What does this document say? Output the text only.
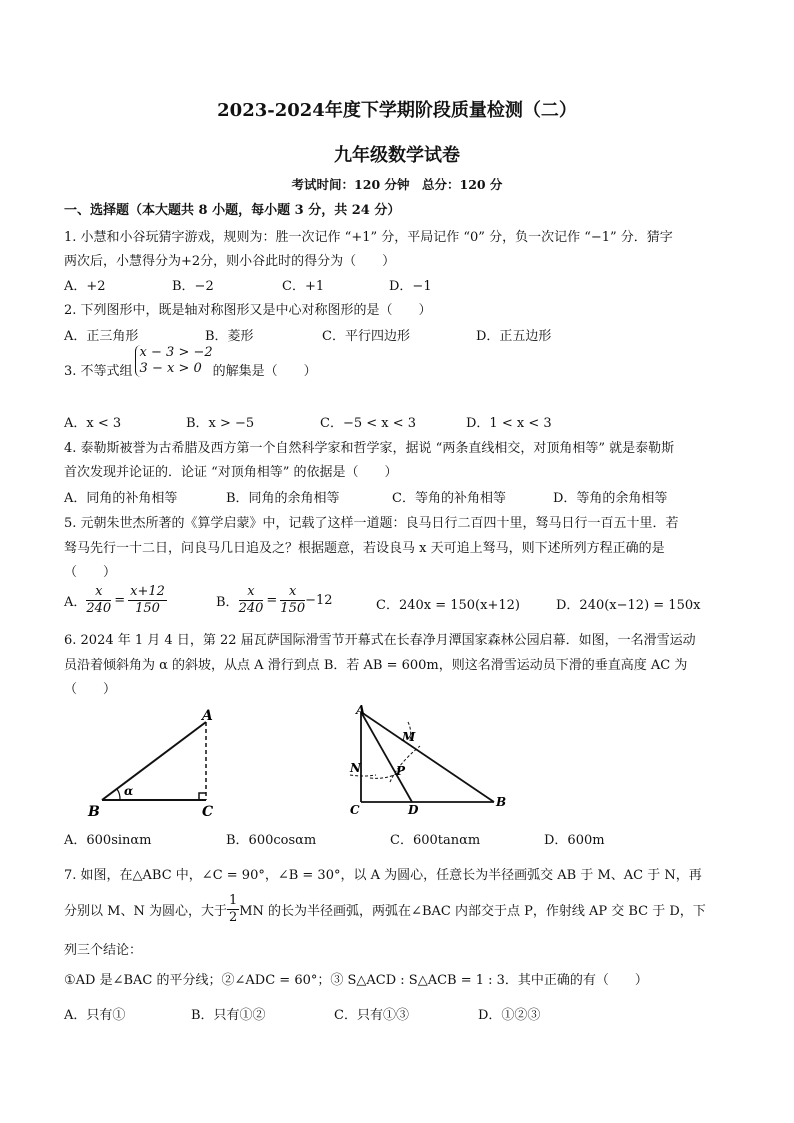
2023-2024年度下学期阶段质量检测（二）
九年级数学试卷
考试时间：120 分钟　总分：120 分
一、选择题（本大题共 8 小题，每小题 3 分，共 24 分）
1. 小慧和小谷玩猜字游戏，规则为：胜一次记作 “+1” 分，平局记作 “0” 分，负一次记作 “−1” 分．猜字
两次后，小慧得分为+2分，则小谷此时的得分为（　　）
A．+2	B．−2	C．+1	D．−1
2. 下列图形中，既是轴对称图形又是中心对称图形的是（　　）
A．正三角形	B．菱形	C．平行四边形	D．正五边形
3. 不等式组
x − 3 > −2
3 − x > 0 的解集是（　　）
A．x < 3	B．x > −5	C．−5 < x < 3	D．1 < x < 3
4. 泰勒斯被誉为古希腊及西方第一个自然科学家和哲学家，据说 “两条直线相交，对顶角相等” 就是泰勒斯
首次发现并论证的．论证 “对顶角相等” 的依据是（　　）
A．同角的补角相等	B．同角的余角相等	C．等角的补角相等	D．等角的余角相等
5. 元朝朱世杰所著的《算学启蒙》中，记载了这样一道题：良马日行二百四十里，驽马日行一百五十里．若
驽马先行一十二日，问良马几日追及之？根据题意，若设良马 x 天可追上驽马，则下述所列方程正确的是
（　　）
A． $\frac{x}{240} = \frac{x+12}{150}$	B． $\frac{x}{240} = \frac{x}{150} -12$	C．240x = 150(x+12)	D．240(x−12) = 150x
6. 2024 年 1 月 4 日，第 22 届瓦萨国际滑雪节开幕式在长春净月潭国家森林公园启幕．如图，一名滑雪运动
员沿着倾斜角为 α 的斜坡，从点 A 滑行到点 B．若 AB = 600m，则这名滑雪运动员下滑的垂直高度 AC 为
（　　）
A
B	C
α
A
M
N	P
C	D
B
A．600sinαm	B．600cosαm	C．600tanαm	D．600m
7. 如图，在△ABC 中，∠C = 90°，∠B = 30°，以 A 为圆心，任意长为半径画弧交 AB 于 M、AC 于 N，再
分别以 M、N 为圆心，大于 $\frac{1}{2}$ MN 的长为半径画弧，两弧在∠BAC 内部交于点 P，作射线 AP 交 BC 于 D，下
列三个结论：
①AD 是∠BAC 的平分线；②∠ADC = 60°；③ S△ACD : S△ACB = 1 : 3．其中正确的有（　　）
A．只有①	B．只有①②	C．只有①③	D．①②③
